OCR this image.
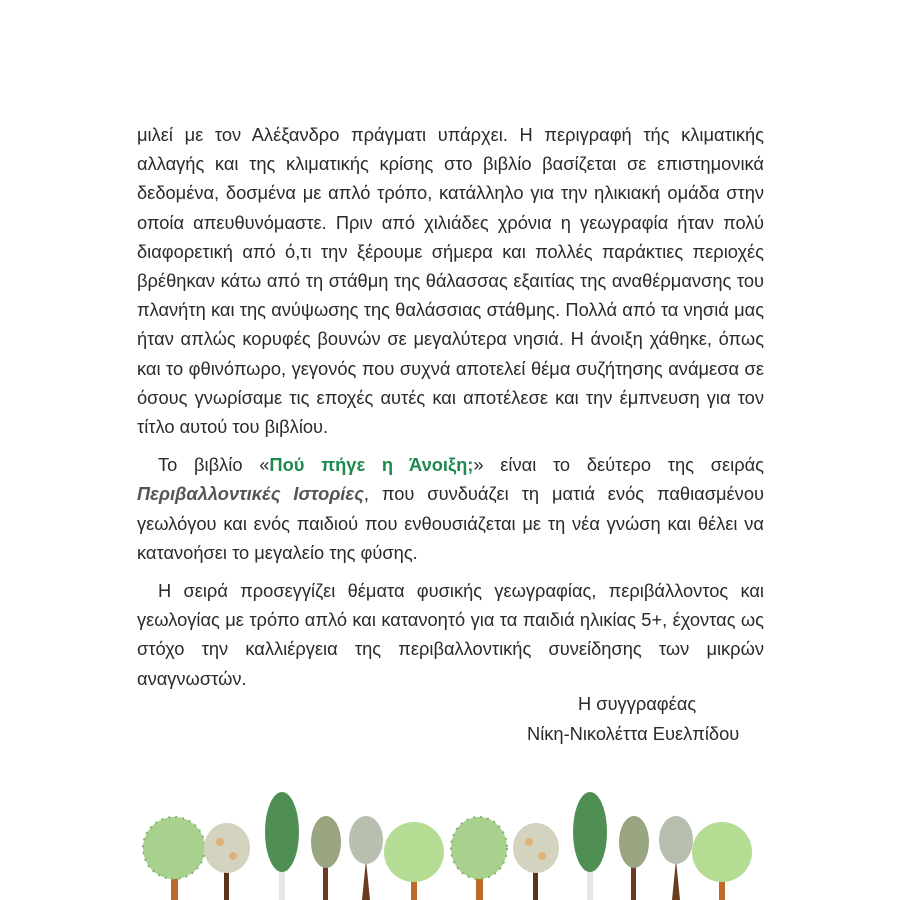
μιλεί με τον Αλέξανδρο πράγματι υπάρχει. Η περιγραφή τής κλιματικής αλλαγής και της κλιματικής κρίσης στο βιβλίο βασίζεται σε επιστημονικά δεδομένα, δοσμένα με απλό τρόπο, κατάλληλο για την ηλικιακή ομάδα στην οποία απευθυνόμαστε. Πριν από χιλιάδες χρόνια η γεωγραφία ήταν πολύ διαφορετική από ό,τι την ξέρουμε σήμερα και πολλές παράκτιες περιοχές βρέθηκαν κάτω από τη στάθμη της θάλασσας εξαιτίας της αναθέρμανσης του πλανήτη και της ανύψωσης της θαλάσσιας στάθμης. Πολλά από τα νησιά μας ήταν απλώς κορυφές βουνών σε μεγαλύτερα νησιά. Η άνοιξη χάθηκε, όπως και το φθινόπωρο, γεγονός που συχνά αποτελεί θέμα συζήτησης ανάμεσα σε όσους γνωρίσαμε τις εποχές αυτές και αποτέλεσε και την έμπνευση για τον τίτλο αυτού του βιβλίου.

Το βιβλίο «Πού πήγε η Άνοιξη;» είναι το δεύτερο της σειράς Περιβαλλοντικές Ιστορίες, που συνδυάζει τη ματιά ενός παθιασμένου γεωλόγου και ενός παιδιού που ενθουσιάζεται με τη νέα γνώση και θέλει να κατανοήσει το μεγαλείο της φύσης.

Η σειρά προσεγγίζει θέματα φυσικής γεωγραφίας, περιβάλλοντος και γεωλογίας με τρόπο απλό και κατανοητό για τα παιδιά ηλικίας 5+, έχοντας ως στόχο την καλλιέργεια της περιβαλλοντικής συνείδησης των μικρών αναγνωστών.

Η συγγραφέας
Νίκη-Νικολέττα Ευελπίδου
